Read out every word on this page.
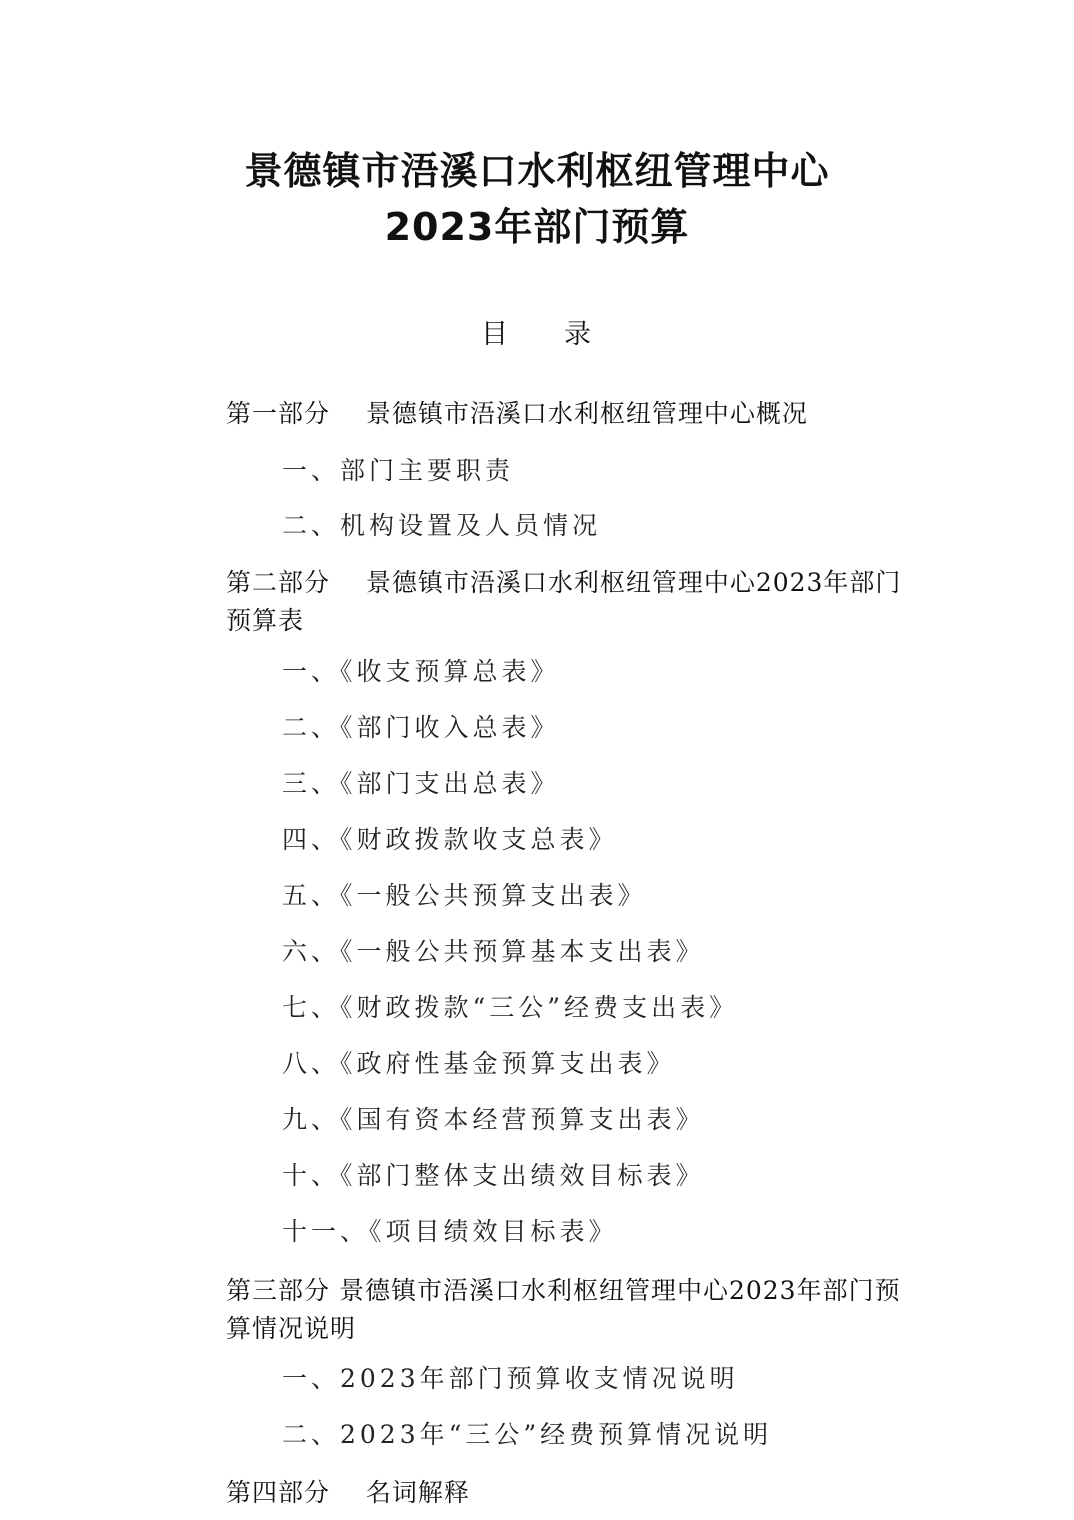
景德镇市浯溪口水利枢纽管理中心
2023年部门预算
目 录
第一部分 景德镇市浯溪口水利枢纽管理中心概况
一、部门主要职责
二、机构设置及人员情况
第二部分 景德镇市浯溪口水利枢纽管理中心2023年部门预算表
一、《收支预算总表》
二、《部门收入总表》
三、《部门支出总表》
四、《财政拨款收支总表》
五、《一般公共预算支出表》
六、《一般公共预算基本支出表》
七、《财政拨款“三公”经费支出表》
八、《政府性基金预算支出表》
九、《国有资本经营预算支出表》
十、《部门整体支出绩效目标表》
十一、《项目绩效目标表》
第三部分 景德镇市浯溪口水利枢纽管理中心2023年部门预算情况说明
一、2023年部门预算收支情况说明
二、2023年“三公”经费预算情况说明
第四部分 名词解释
